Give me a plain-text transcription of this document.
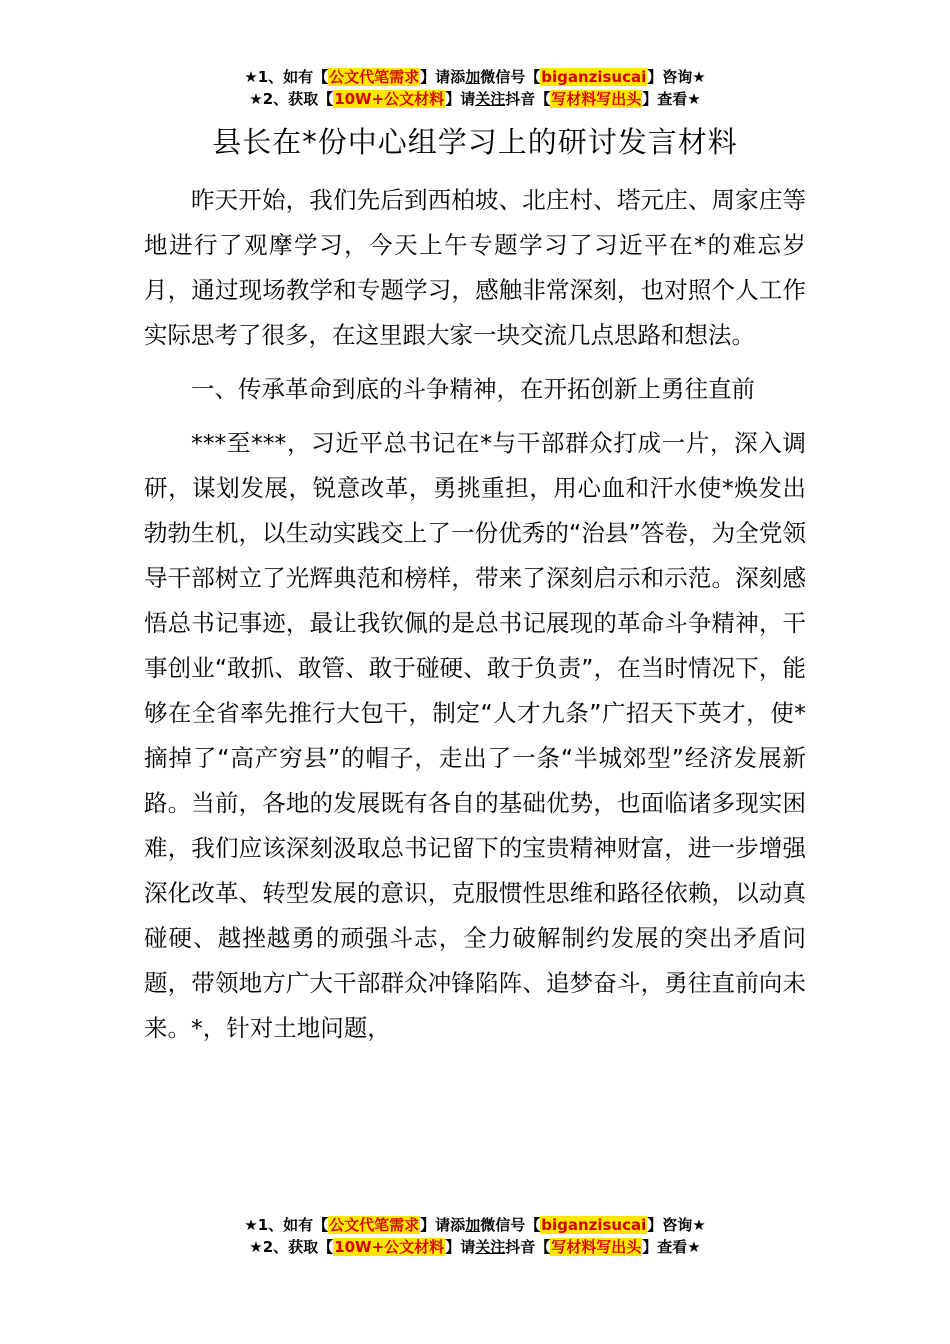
★1、如有【公文代笔需求】请添加微信号【biganzisucai】咨询★
★2、获取【10W+公文材料】请关注抖音【写材料写出头】查看★
县长在*份中心组学习上的研讨发言材料

昨天开始，我们先后到西柏坡、北庄村、塔元庄、周家庄等地进行了观摩学习，今天上午专题学习了习近平在*的难忘岁月，通过现场教学和专题学习，感触非常深刻，也对照个人工作实际思考了很多，在这里跟大家一块交流几点思路和想法。

一、传承革命到底的斗争精神，在开拓创新上勇往直前

***至***，习近平总书记在*与干部群众打成一片，深入调研，谋划发展，锐意改革，勇挑重担，用心血和汗水使*焕发出勃勃生机，以生动实践交上了一份优秀的“治县”答卷，为全党领导干部树立了光辉典范和榜样，带来了深刻启示和示范。深刻感悟总书记事迹，最让我钦佩的是总书记展现的革命斗争精神，干事创业“敢抓、敢管、敢于碰硬、敢于负责”，在当时情况下，能够在全省率先推行大包干，制定“人才九条”广招天下英才，使*摘掉了“高产穷县”的帽子，走出了一条“半城郊型”经济发展新路。当前，各地的发展既有各自的基础优势，也面临诸多现实困难，我们应该深刻汲取总书记留下的宝贵精神财富，进一步增强深化改革、转型发展的意识，克服惯性思维和路径依赖，以动真碰硬、越挫越勇的顽强斗志，全力破解制约发展的突出矛盾问题，带领地方广大干部群众冲锋陷阵、追梦奋斗，勇往直前向未来。*，针对土地问题，

★1、如有【公文代笔需求】请添加微信号【biganzisucai】咨询★
★2、获取【10W+公文材料】请关注抖音【写材料写出头】查看★
